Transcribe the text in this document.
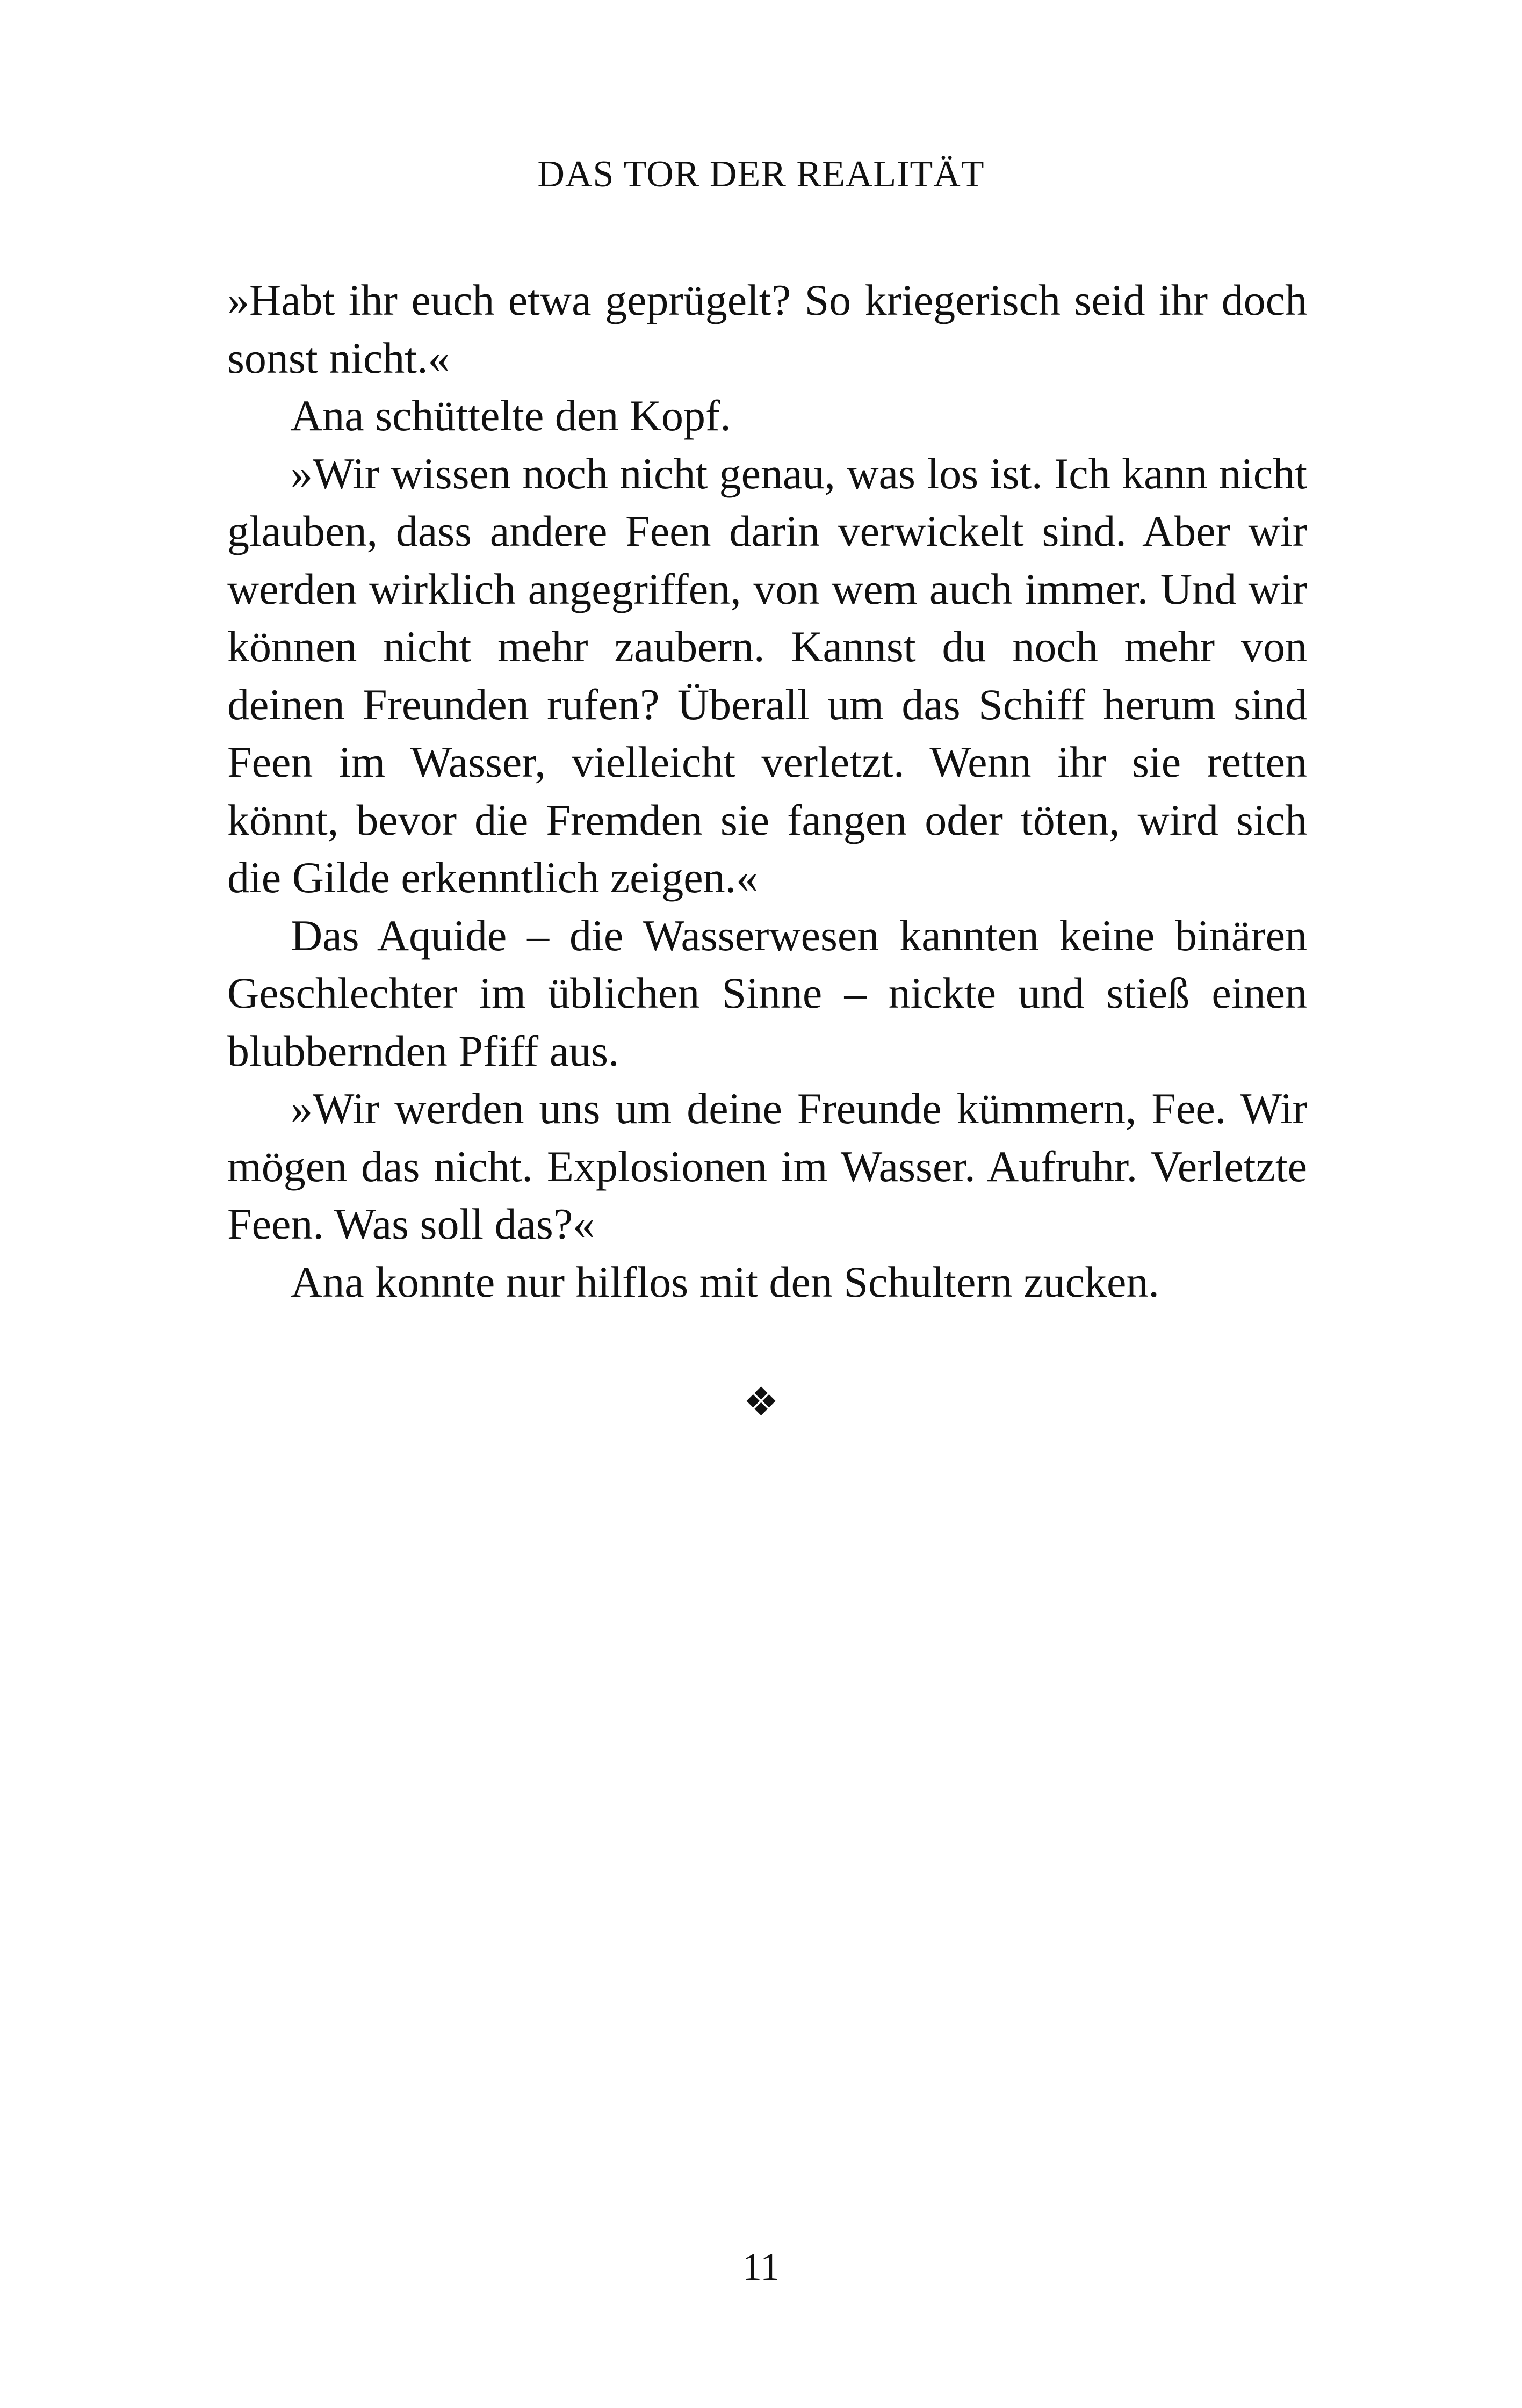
DAS TOR DER REALITÄT

»Habt ihr euch etwa geprügelt? So kriegerisch seid ihr doch sonst nicht.«

Ana schüttelte den Kopf.

»Wir wissen noch nicht genau, was los ist. Ich kann nicht glauben, dass andere Feen darin verwickelt sind. Aber wir werden wirklich angegriffen, von wem auch immer. Und wir können nicht mehr zaubern. Kannst du noch mehr von deinen Freunden rufen? Überall um das Schiff herum sind Feen im Wasser, vielleicht verletzt. Wenn ihr sie retten könnt, bevor die Fremden sie fangen oder töten, wird sich die Gilde erkenntlich zeigen.«

Das Aquide – die Wasserwesen kannten keine binären Geschlechter im üblichen Sinne – nickte und stieß einen blubbernden Pfiff aus.

»Wir werden uns um deine Freunde kümmern, Fee. Wir mögen das nicht. Explosionen im Wasser. Aufruhr. Verletzte Feen. Was soll das?«

Ana konnte nur hilflos mit den Schultern zucken.

❖
11
